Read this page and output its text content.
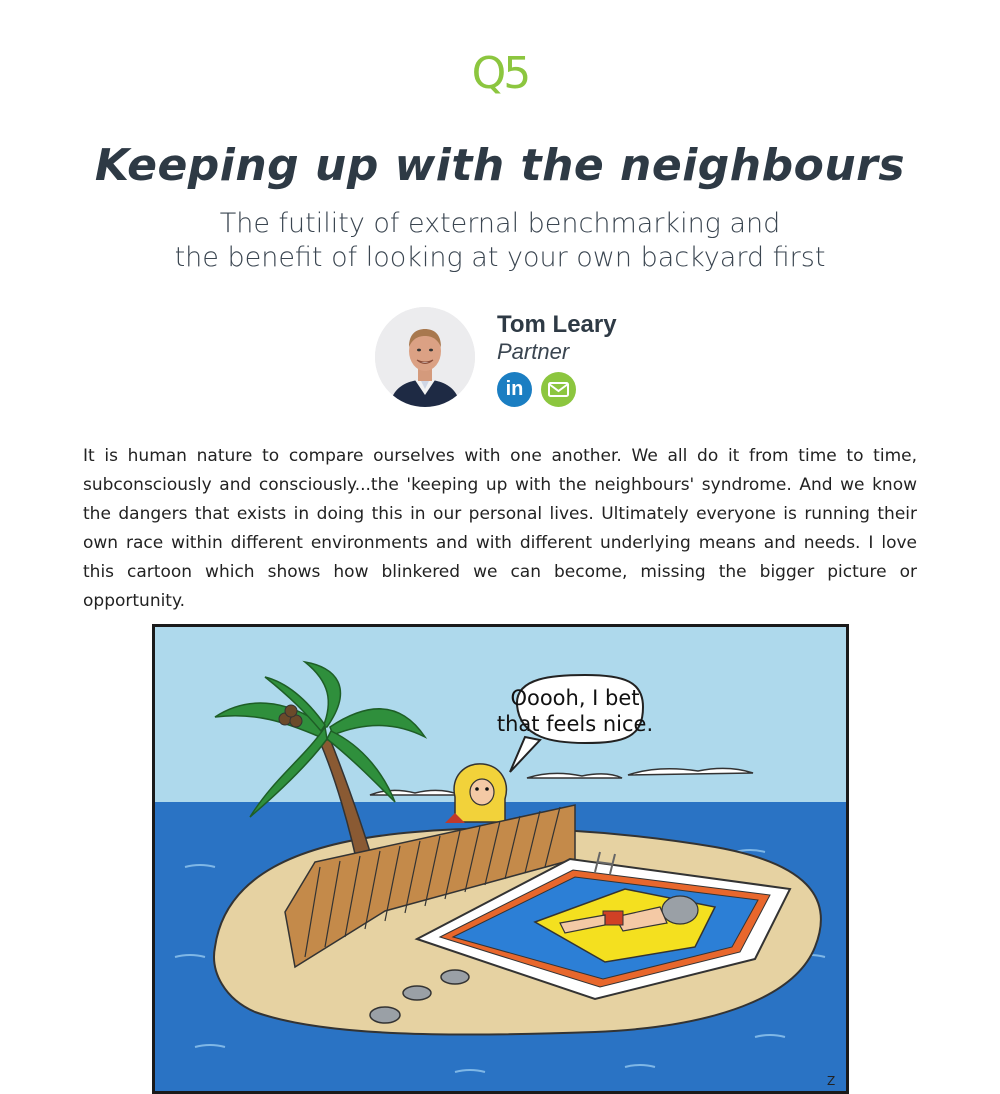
Q5
Keeping up with the neighbours
The futility of external benchmarking and
the benefit of looking at your own backyard first
Tom Leary
Partner
in

It is human nature to compare ourselves with one another. We all do it from time to time, subconsciously and consciously...the 'keeping up with the neighbours' syndrome. And we know the dangers that exists in doing this in our personal lives. Ultimately everyone is running their own race within different environments and with different underlying means and needs. I love this cartoon which shows how blinkered we can become, missing the bigger picture or opportunity.

Ooooh, I bet
that feels nice.
Z
